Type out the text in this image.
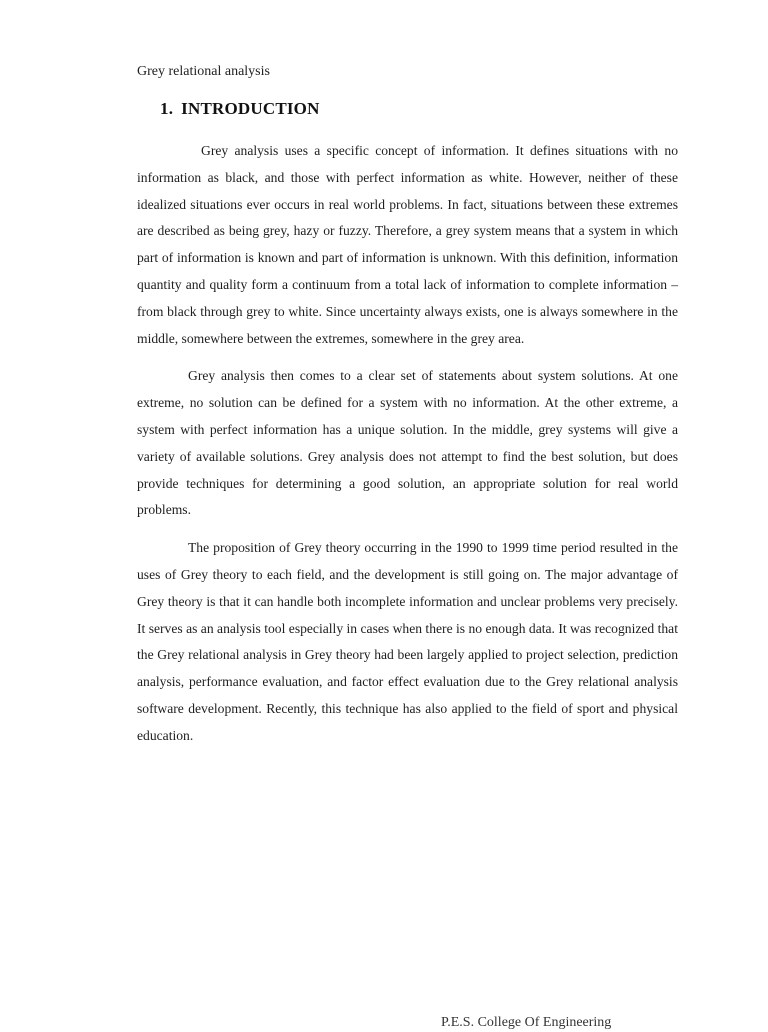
Grey relational analysis
1. INTRODUCTION

Grey analysis uses a specific concept of information. It defines situations with no information as black, and those with perfect information as white. However, neither of these idealized situations ever occurs in real world problems. In fact, situations between these extremes are described as being grey, hazy or fuzzy. Therefore, a grey system means that a system in which part of information is known and part of information is unknown. With this definition, information quantity and quality form a continuum from a total lack of information to complete information – from black through grey to white. Since uncertainty always exists, one is always somewhere in the middle, somewhere between the extremes, somewhere in the grey area.

Grey analysis then comes to a clear set of statements about system solutions. At one extreme, no solution can be defined for a system with no information. At the other extreme, a system with perfect information has a unique solution. In the middle, grey systems will give a variety of available solutions. Grey analysis does not attempt to find the best solution, but does provide techniques for determining a good solution, an appropriate solution for real world problems.

The proposition of Grey theory occurring in the 1990 to 1999 time period resulted in the uses of Grey theory to each field, and the development is still going on. The major advantage of Grey theory is that it can handle both incomplete information and unclear problems very precisely. It serves as an analysis tool especially in cases when there is no enough data. It was recognized that the Grey relational analysis in Grey theory had been largely applied to project selection, prediction analysis, performance evaluation, and factor effect evaluation due to the Grey relational analysis software development. Recently, this technique has also applied to the field of sport and physical education.

P.E.S. College Of Engineering
